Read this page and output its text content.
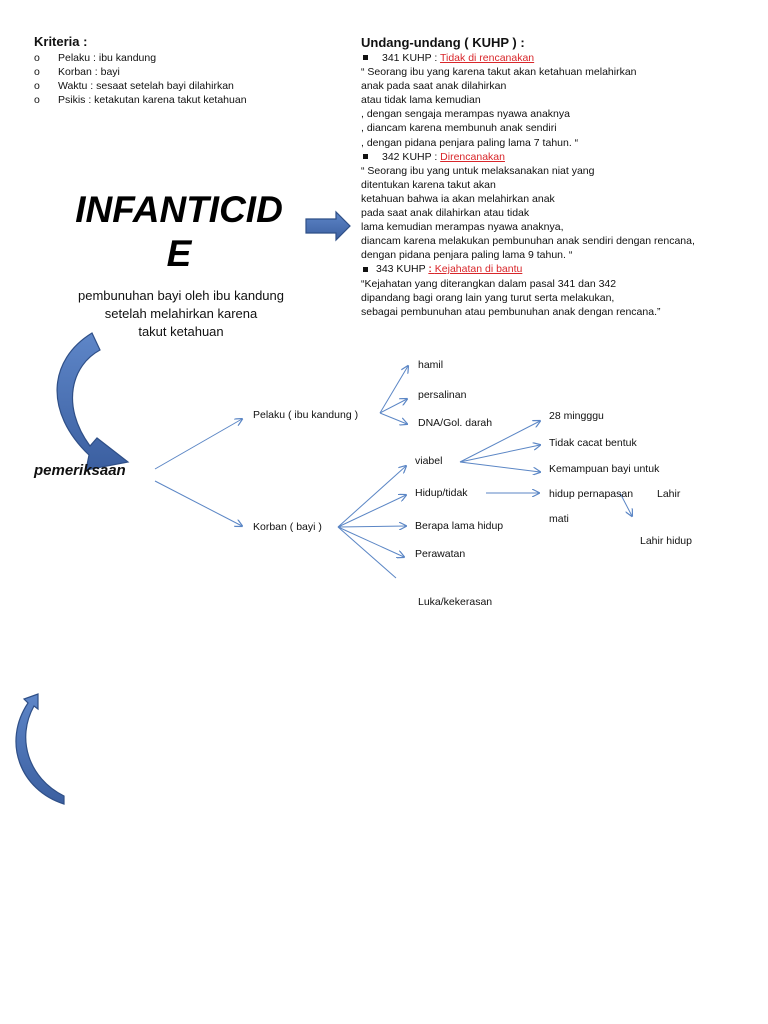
Kriteria :
o Pelaku : ibu kandung
o Korban : bayi
o Waktu : sesaat setelah bayi dilahirkan
o Psikis : ketakutan karena takut ketahuan
Undang-undang ( KUHP ) :

341 KUHP : Tidak di rencanakan

“ Seorang ibu yang karena takut akan ketahuan melahirkan

anak pada saat anak dilahirkan

atau tidak lama kemudian

, dengan sengaja merampas nyawa anaknya

, diancam karena membunuh anak sendiri

, dengan pidana penjara paling lama 7 tahun. “

342 KUHP : Direncanakan

“ Seorang ibu yang untuk melaksanakan niat yang

ditentukan karena takut akan

ketahuan bahwa ia akan melahirkan anak

pada saat anak dilahirkan atau tidak

lama kemudian merampas nyawa anaknya,

diancam karena melakukan pembunuhan anak sendiri dengan rencana,

dengan pidana penjara paling lama 9 tahun. “

343 KUHP : Kejahatan di bantu

“Kejahatan yang diterangkan dalam pasal 341 dan 342

dipandang bagi orang lain yang turut serta melakukan,

sebagai pembunuhan atau pembunuhan anak dengan rencana.”

INFANTICID
E
pembunuhan bayi oleh ibu kandung
setelah melahirkan karena
takut ketahuan
pemeriksaan
Pelaku ( ibu kandung )
Korban ( bayi )
hamil
persalinan
DNA/Gol. darah
viabel
Hidup/tidak
Berapa lama hidup
Perawatan
Luka/kekerasan
28 mingggu
Tidak cacat bentuk
Kemampuan bayi untuk
hidup pernapasan Lahir
mati
Lahir hidup
